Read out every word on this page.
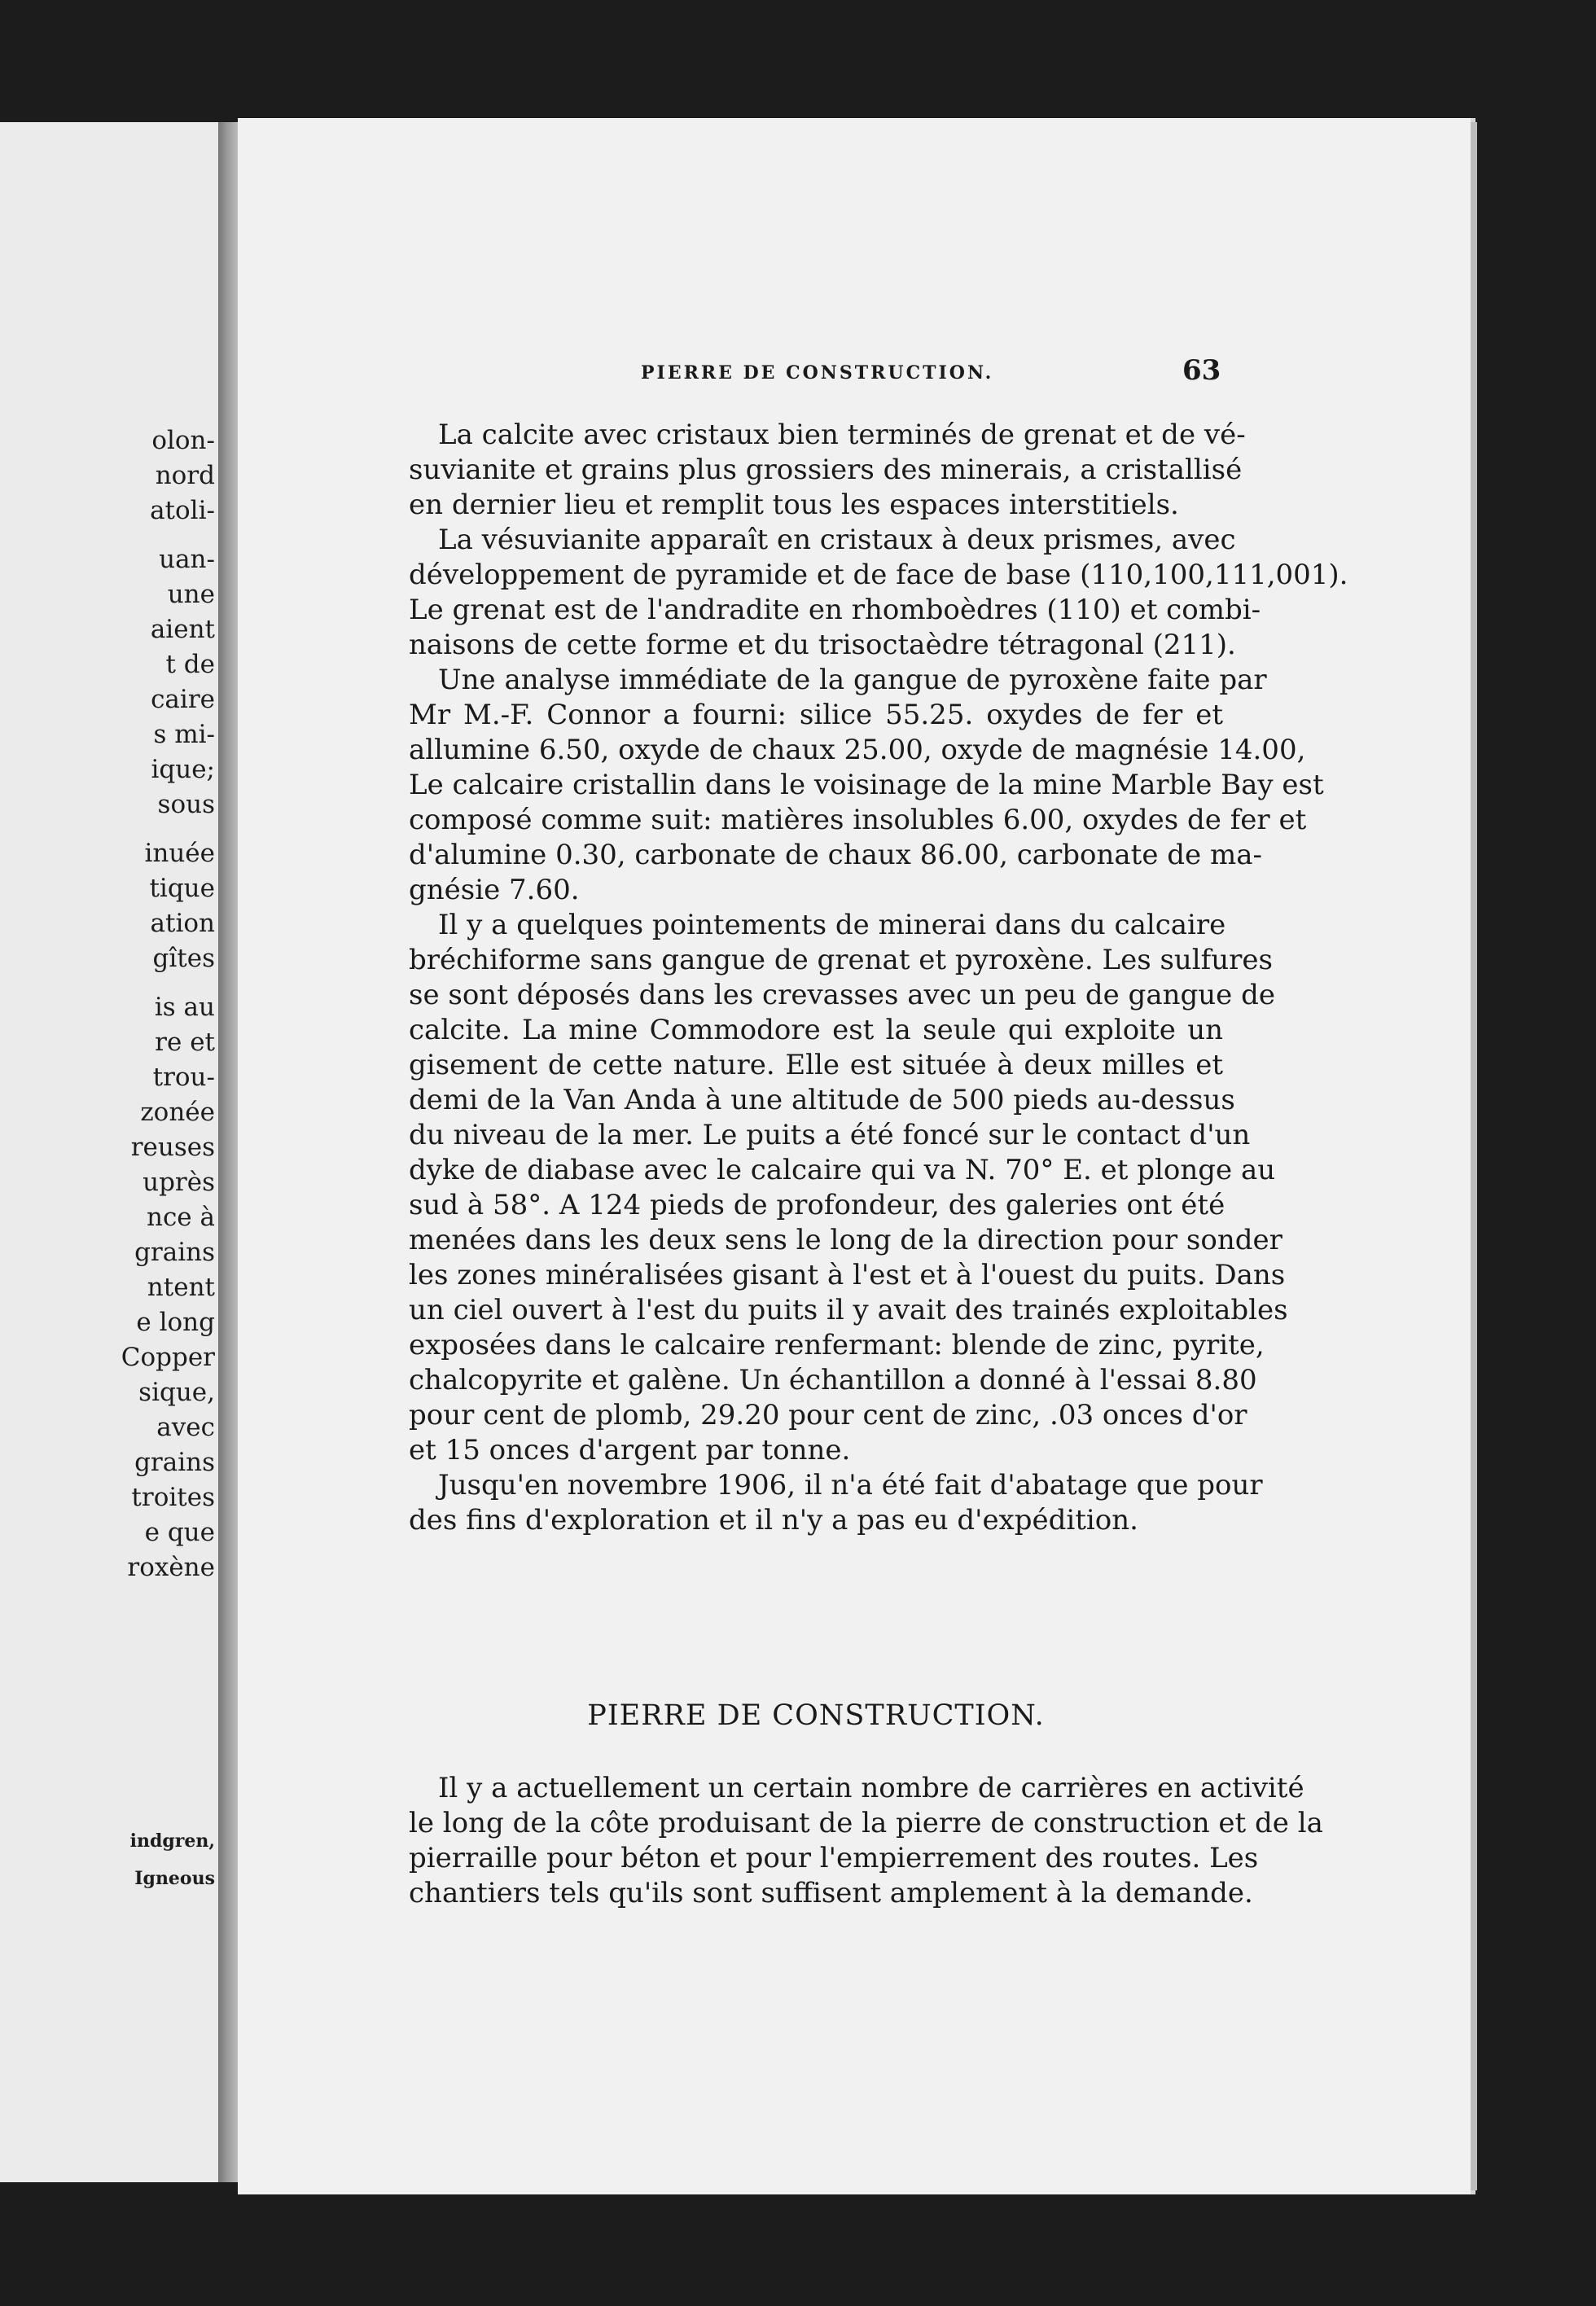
olon-
nord
atoli-
uan-
une
aient
t de
caire
s mi-
ique;
sous
inuée
tique
ation
gîtes
is au
re et
trou-
zonée
reuses
uprès
nce à
grains
ntent
e long
Copper
sique,
avec
grains
troites
e que
roxène
indgren,
Igneous
PIERRE DE CONSTRUCTION.	63
La calcite avec cristaux bien terminés de grenat et de vé-
suvianite et grains plus grossiers des minerais, a cristallisé
en dernier lieu et remplit tous les espaces interstitiels.
La vésuvianite apparaît en cristaux à deux prismes, avec
développement de pyramide et de face de base (110,100,111,001).
Le grenat est de l'andradite en rhomboèdres (110) et combi-
naisons de cette forme et du trisoctaèdre tétragonal (211).
Une analyse immédiate de la gangue de pyroxène faite par
Mr M.-F. Connor a fourni: silice 55.25. oxydes de fer et
allumine 6.50, oxyde de chaux 25.00, oxyde de magnésie 14.00,
Le calcaire cristallin dans le voisinage de la mine Marble Bay est
composé comme suit: matières insolubles 6.00, oxydes de fer et
d'alumine 0.30, carbonate de chaux 86.00, carbonate de ma-
gnésie 7.60.
Il y a quelques pointements de minerai dans du calcaire
bréchiforme sans gangue de grenat et pyroxène. Les sulfures
se sont déposés dans les crevasses avec un peu de gangue de
calcite. La mine Commodore est la seule qui exploite un
gisement de cette nature. Elle est située à deux milles et
demi de la Van Anda à une altitude de 500 pieds au-dessus
du niveau de la mer. Le puits a été foncé sur le contact d'un
dyke de diabase avec le calcaire qui va N. 70° E. et plonge au
sud à 58°. A 124 pieds de profondeur, des galeries ont été
menées dans les deux sens le long de la direction pour sonder
les zones minéralisées gisant à l'est et à l'ouest du puits. Dans
un ciel ouvert à l'est du puits il y avait des trainés exploitables
exposées dans le calcaire renfermant: blende de zinc, pyrite,
chalcopyrite et galène. Un échantillon a donné à l'essai 8.80
pour cent de plomb, 29.20 pour cent de zinc, .03 onces d'or
et 15 onces d'argent par tonne.
Jusqu'en novembre 1906, il n'a été fait d'abatage que pour
des fins d'exploration et il n'y a pas eu d'expédition.
PIERRE DE CONSTRUCTION.
Il y a actuellement un certain nombre de carrières en activité
le long de la côte produisant de la pierre de construction et de la
pierraille pour béton et pour l'empierrement des routes. Les
chantiers tels qu'ils sont suffisent amplement à la demande.
